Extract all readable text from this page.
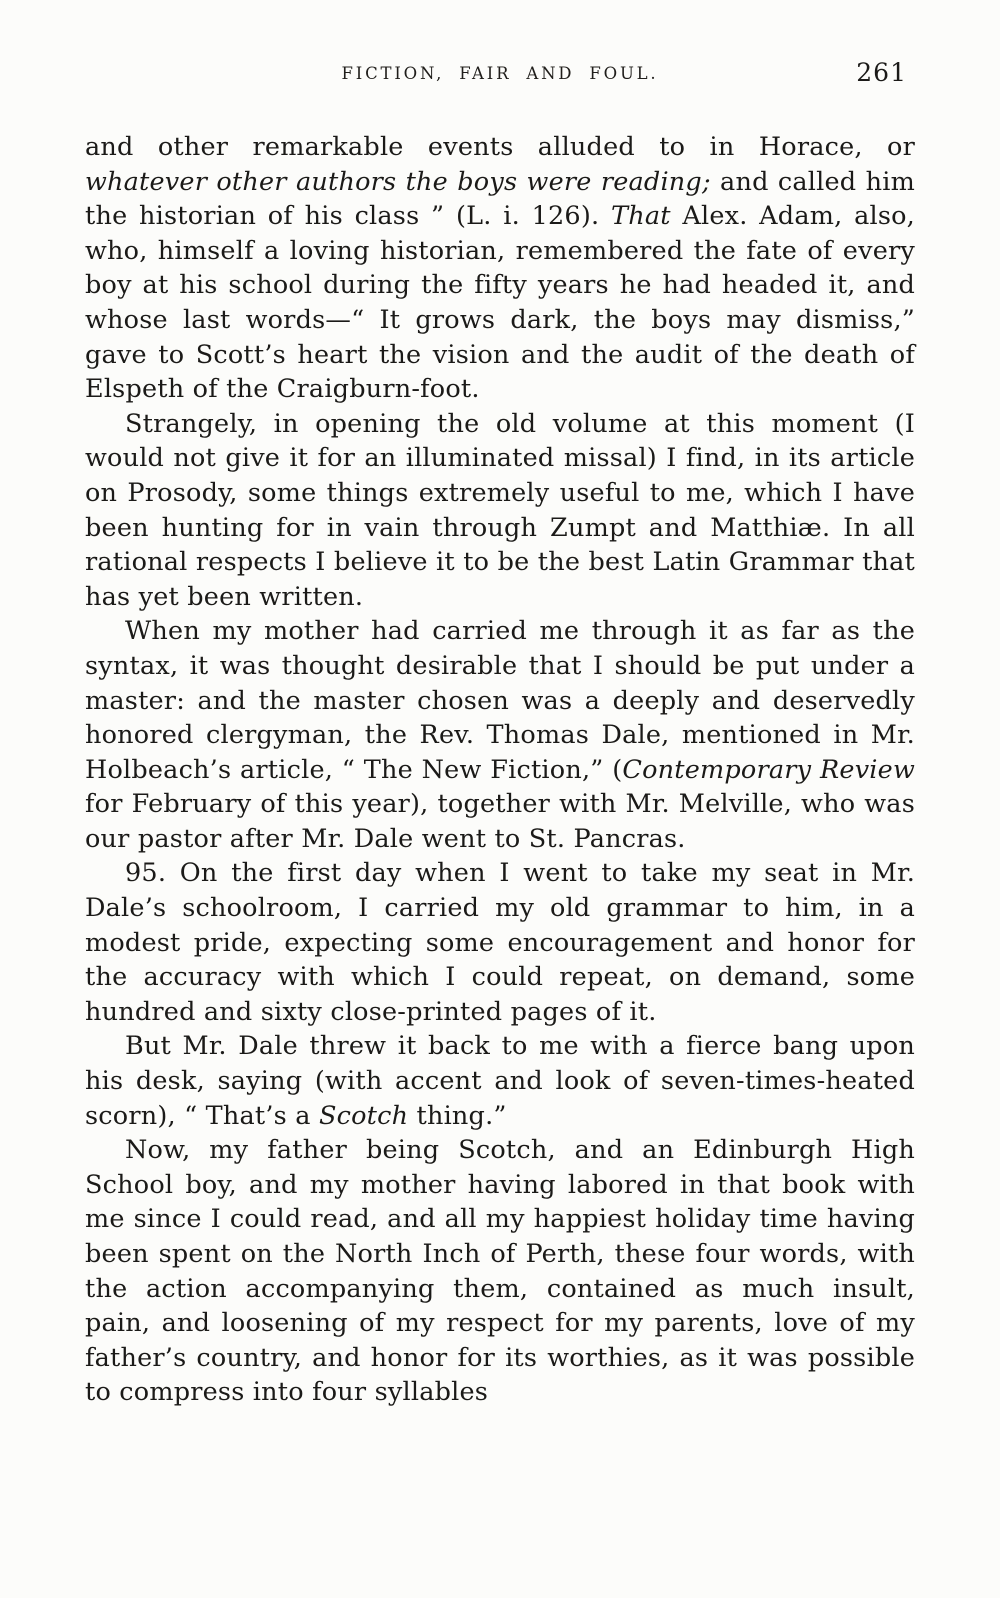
FICTION, FAIR AND FOUL.	261

and other remarkable events alluded to in Horace, or whatever other authors the boys were reading; and called him the historian of his class ” (L. i. 126). That Alex. Adam, also, who, himself a loving historian, remembered the fate of every boy at his school during the fifty years he had headed it, and whose last words—“ It grows dark, the boys may dismiss,” gave to Scott’s heart the vision and the audit of the death of Elspeth of the Craigburn-foot.

Strangely, in opening the old volume at this moment (I would not give it for an illuminated missal) I find, in its article on Prosody, some things extremely useful to me, which I have been hunting for in vain through Zumpt and Matthiæ. In all rational respects I believe it to be the best Latin Grammar that has yet been written.

When my mother had carried me through it as far as the syntax, it was thought desirable that I should be put under a master: and the master chosen was a deeply and deservedly honored clergyman, the Rev. Thomas Dale, mentioned in Mr. Holbeach’s article, “ The New Fiction,” (Contemporary Review for February of this year), together with Mr. Melville, who was our pastor after Mr. Dale went to St. Pancras.

95. On the first day when I went to take my seat in Mr. Dale’s schoolroom, I carried my old grammar to him, in a modest pride, expecting some encouragement and honor for the accuracy with which I could repeat, on demand, some hundred and sixty close-printed pages of it.

But Mr. Dale threw it back to me with a fierce bang upon his desk, saying (with accent and look of seven-times-heated scorn), “ That’s a Scotch thing.”

Now, my father being Scotch, and an Edinburgh High School boy, and my mother having labored in that book with me since I could read, and all my happiest holiday time having been spent on the North Inch of Perth, these four words, with the action accompanying them, contained as much insult, pain, and loosening of my respect for my parents, love of my father’s country, and honor for its worthies, as it was possible to compress into four syllables
